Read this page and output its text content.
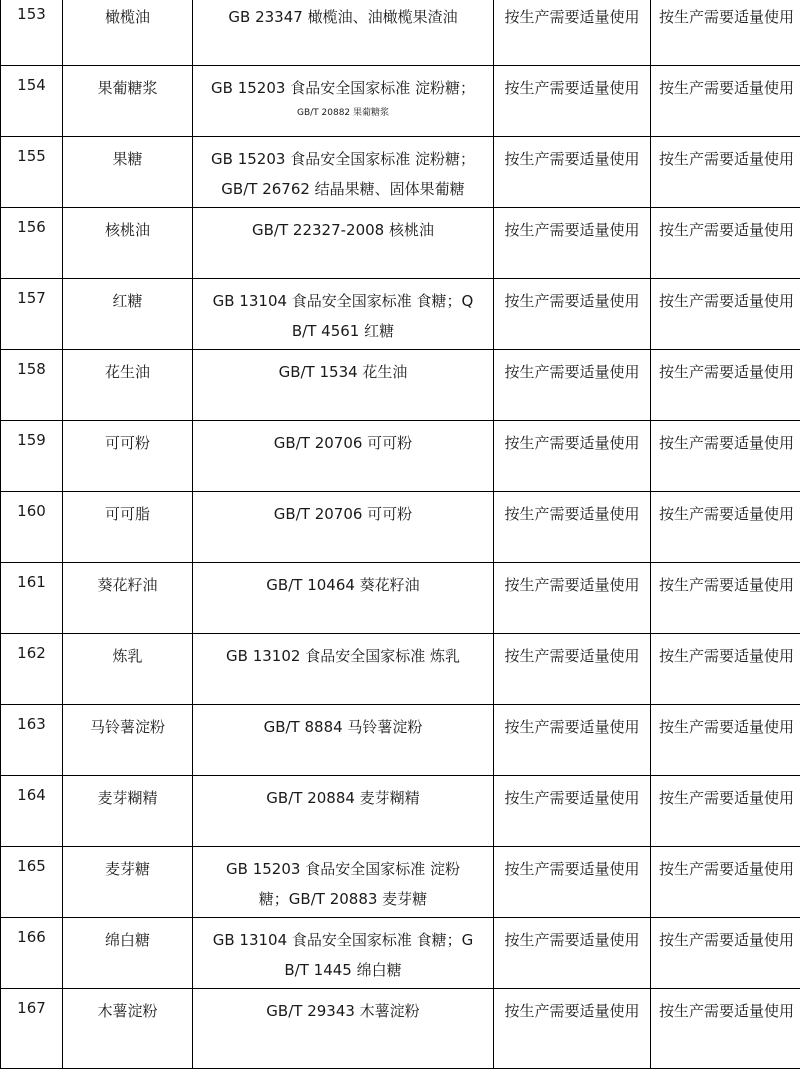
153	橄榄油	GB 23347 橄榄油、油橄榄果渣油	按生产需要适量使用	按生产需要适量使用
154	果葡糖浆	GB 15203 食品安全国家标准 淀粉糖；
GB/T 20882 果葡糖浆	按生产需要适量使用	按生产需要适量使用
155	果糖	GB 15203 食品安全国家标准 淀粉糖；
GB/T 26762 结晶果糖、固体果葡糖	按生产需要适量使用	按生产需要适量使用
156	核桃油	GB/T 22327-2008 核桃油	按生产需要适量使用	按生产需要适量使用
157	红糖	GB 13104 食品安全国家标准 食糖；Q
B/T 4561 红糖	按生产需要适量使用	按生产需要适量使用
158	花生油	GB/T 1534 花生油	按生产需要适量使用	按生产需要适量使用
159	可可粉	GB/T 20706 可可粉	按生产需要适量使用	按生产需要适量使用
160	可可脂	GB/T 20706 可可粉	按生产需要适量使用	按生产需要适量使用
161	葵花籽油	GB/T 10464 葵花籽油	按生产需要适量使用	按生产需要适量使用
162	炼乳	GB 13102 食品安全国家标准 炼乳	按生产需要适量使用	按生产需要适量使用
163	马铃薯淀粉	GB/T 8884 马铃薯淀粉	按生产需要适量使用	按生产需要适量使用
164	麦芽糊精	GB/T 20884 麦芽糊精	按生产需要适量使用	按生产需要适量使用
165	麦芽糖	GB 15203 食品安全国家标准 淀粉
糖；GB/T 20883 麦芽糖	按生产需要适量使用	按生产需要适量使用
166	绵白糖	GB 13104 食品安全国家标准 食糖；G
B/T 1445 绵白糖	按生产需要适量使用	按生产需要适量使用
167	木薯淀粉	GB/T 29343 木薯淀粉	按生产需要适量使用	按生产需要适量使用
